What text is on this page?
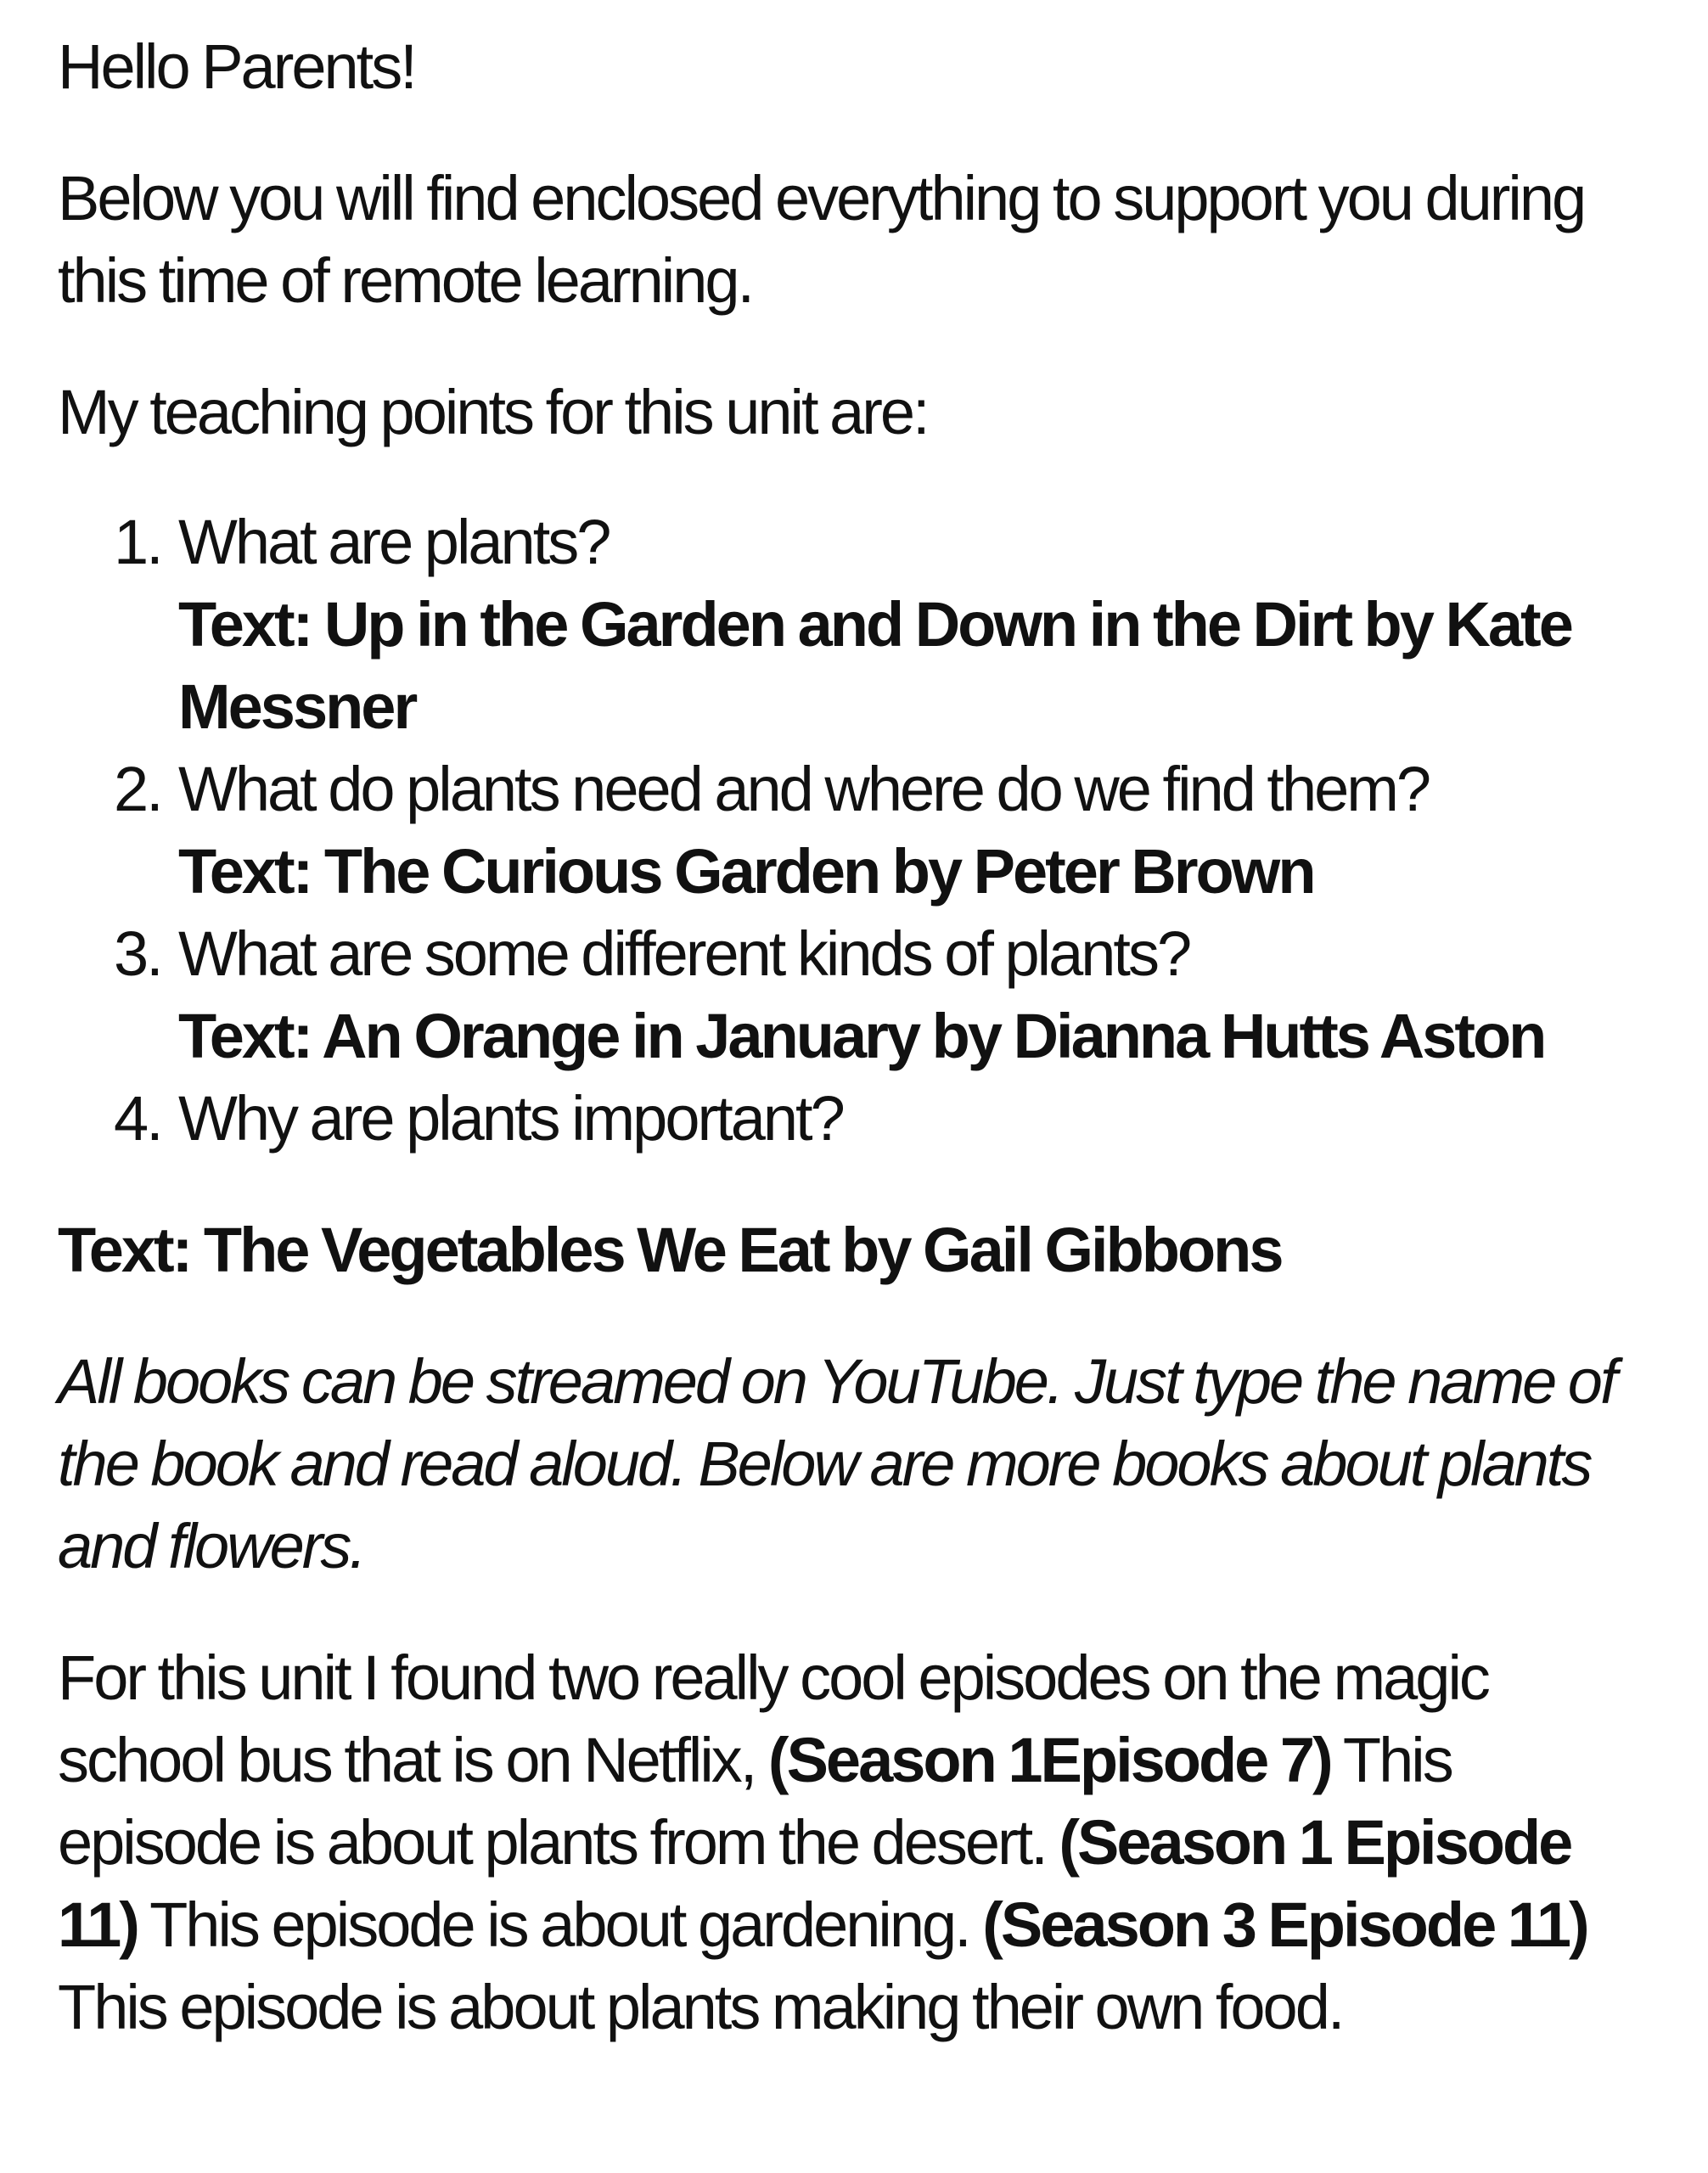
Hello Parents!

Below you will find enclosed everything to support you during this time of remote learning.

My teaching points for this unit are:

1. What are plants?
Text: Up in the Garden and Down in the Dirt by Kate Messner
2. What do plants need and where do we find them?
Text: The Curious Garden by Peter Brown
3. What are some different kinds of plants?
Text: An Orange in January by Dianna Hutts Aston
4. Why are plants important?

Text: The Vegetables We Eat by Gail Gibbons

All books can be streamed on YouTube. Just type the name of the book and read aloud. Below are more books about plants and flowers.

For this unit I found two really cool episodes on the magic school bus that is on Netflix, (Season 1Episode 7) This episode is about plants from the desert. (Season 1 Episode 11) This episode is about gardening. (Season 3 Episode 11) This episode is about plants making their own food.
